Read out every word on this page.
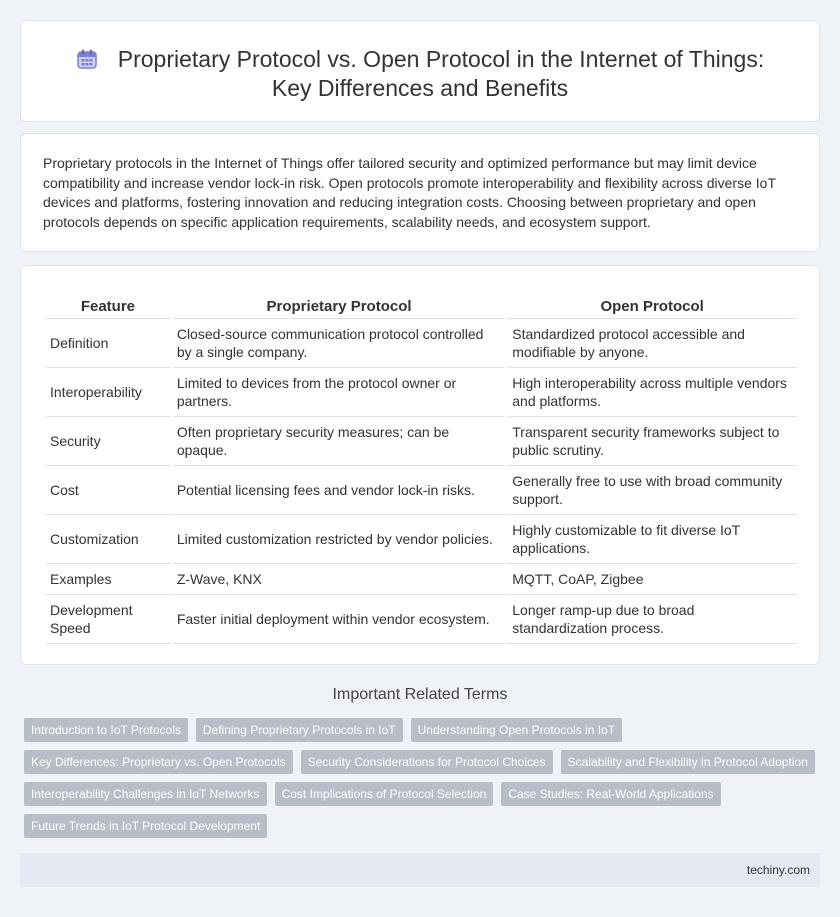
Proprietary Protocol vs. Open Protocol in the Internet of Things: Key Differences and Benefits

Proprietary protocols in the Internet of Things offer tailored security and optimized performance but may limit device compatibility and increase vendor lock-in risk. Open protocols promote interoperability and flexibility across diverse IoT devices and platforms, fostering innovation and reducing integration costs. Choosing between proprietary and open protocols depends on specific application requirements, scalability needs, and ecosystem support.

Feature	Proprietary Protocol	Open Protocol
Definition	Closed-source communication protocol controlled by a single company.	Standardized protocol accessible and modifiable by anyone.
Interoperability	Limited to devices from the protocol owner or partners.	High interoperability across multiple vendors and platforms.
Security	Often proprietary security measures; can be opaque.	Transparent security frameworks subject to public scrutiny.
Cost	Potential licensing fees and vendor lock-in risks.	Generally free to use with broad community support.
Customization	Limited customization restricted by vendor policies.	Highly customizable to fit diverse IoT applications.
Examples	Z-Wave, KNX	MQTT, CoAP, Zigbee
Development Speed	Faster initial deployment within vendor ecosystem.	Longer ramp-up due to broad standardization process.
Important Related Terms
Introduction to IoT Protocols	Defining Proprietary Protocols in IoT	Understanding Open Protocols in IoT
Key Differences: Proprietary vs. Open Protocols	Security Considerations for Protocol Choices	Scalability and Flexibility in Protocol Adoption
Interoperability Challenges in IoT Networks	Cost Implications of Protocol Selection	Case Studies: Real-World Applications
Future Trends in IoT Protocol Development
techiny.com
